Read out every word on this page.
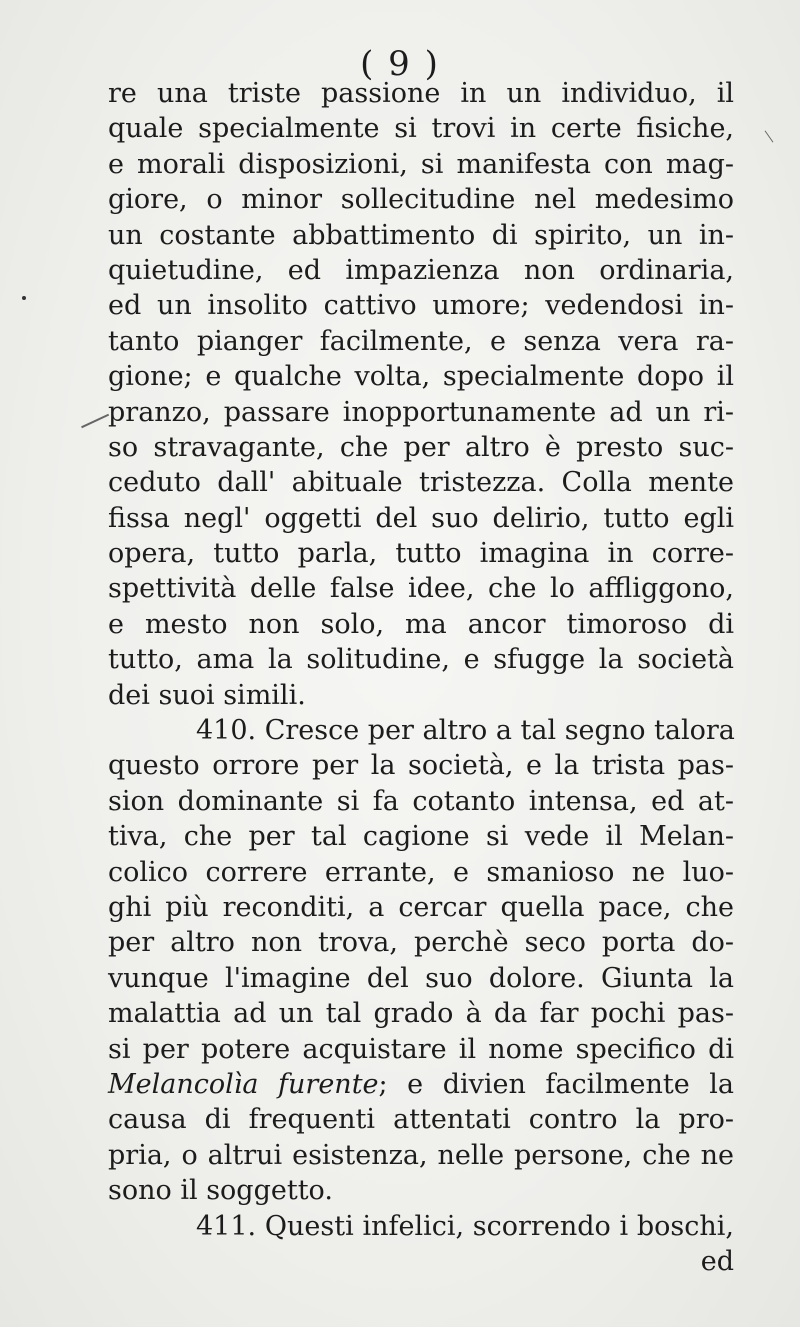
( 9 )
re una triste passione in un individuo, il
quale specialmente si trovi in certe fisiche,
e morali disposizioni, si manifesta con mag-
giore, o minor sollecitudine nel medesimo
un costante abbattimento di spirito, un in-
quietudine, ed impazienza non ordinaria,
ed un insolito cattivo umore; vedendosi in-
tanto pianger facilmente, e senza vera ra-
gione; e qualche volta, specialmente dopo il
pranzo, passare inopportunamente ad un ri-
so stravagante, che per altro è presto suc-
ceduto dall' abituale tristezza. Colla mente
fissa negl' oggetti del suo delirio, tutto egli
opera, tutto parla, tutto imagina in corre-
spettività delle false idee, che lo affliggono,
e mesto non solo, ma ancor timoroso di
tutto, ama la solitudine, e sfugge la società
dei suoi simili.
410. Cresce per altro a tal segno talora
questo orrore per la società, e la trista pas-
sion dominante si fa cotanto intensa, ed at-
tiva, che per tal cagione si vede il Melan-
colico correre errante, e smanioso ne luo-
ghi più reconditi, a cercar quella pace, che
per altro non trova, perchè seco porta do-
vunque l'imagine del suo dolore. Giunta la
malattia ad un tal grado à da far pochi pas-
si per potere acquistare il nome specifico di
Melancolìa furente; e divien facilmente la
causa di frequenti attentati contro la pro-
pria, o altrui esistenza, nelle persone, che ne
sono il soggetto.
411. Questi infelici, scorrendo i boschi,
ed
